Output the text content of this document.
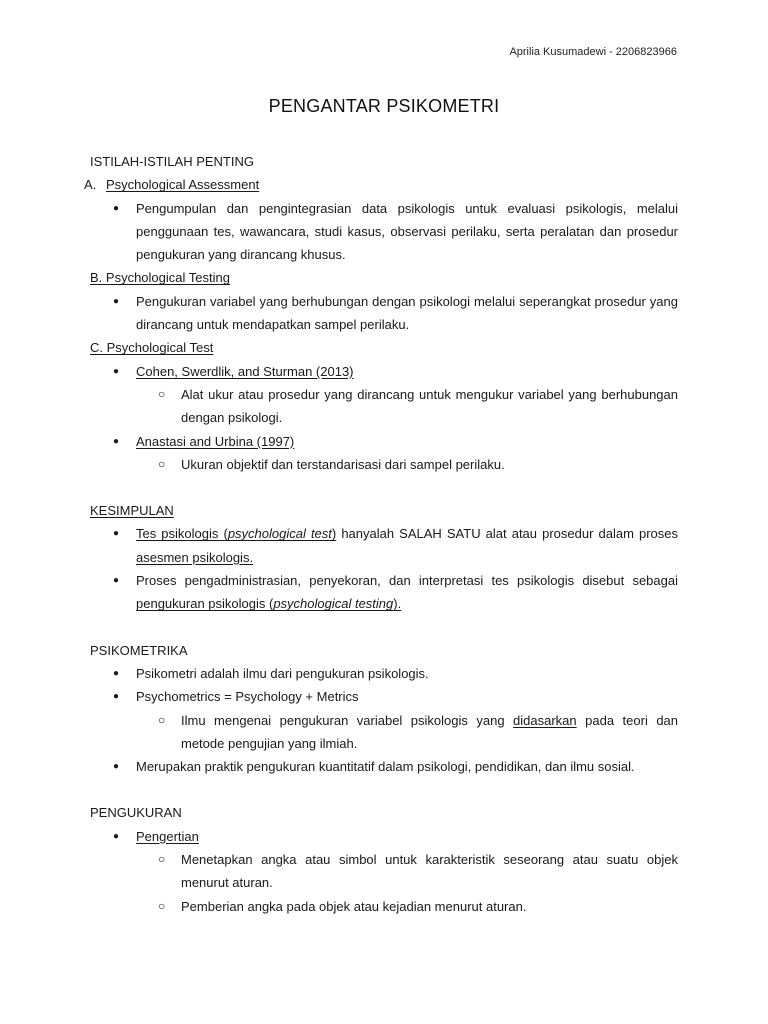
Aprilia Kusumadewi - 2206823966
PENGANTAR PSIKOMETRI
ISTILAH-ISTILAH PENTING
A. Psychological Assessment
● Pengumpulan dan pengintegrasian data psikologis untuk evaluasi psikologis, melalui penggunaan tes, wawancara, studi kasus, observasi perilaku, serta peralatan dan prosedur pengukuran yang dirancang khusus.
B. Psychological Testing
● Pengukuran variabel yang berhubungan dengan psikologi melalui seperangkat prosedur yang dirancang untuk mendapatkan sampel perilaku.
C. Psychological Test
● Cohen, Swerdlik, and Sturman (2013)
○ Alat ukur atau prosedur yang dirancang untuk mengukur variabel yang berhubungan dengan psikologi.
● Anastasi and Urbina (1997)
○ Ukuran objektif dan terstandarisasi dari sampel perilaku.
KESIMPULAN
● Tes psikologis (psychological test) hanyalah SALAH SATU alat atau prosedur dalam proses asesmen psikologis.
● Proses pengadministrasian, penyekoran, dan interpretasi tes psikologis disebut sebagai pengukuran psikologis (psychological testing).
PSIKOMETRIKA
● Psikometri adalah ilmu dari pengukuran psikologis.
● Psychometrics = Psychology + Metrics
○ Ilmu mengenai pengukuran variabel psikologis yang didasarkan pada teori dan metode pengujian yang ilmiah.
● Merupakan praktik pengukuran kuantitatif dalam psikologi, pendidikan, dan ilmu sosial.
PENGUKURAN
● Pengertian
○ Menetapkan angka atau simbol untuk karakteristik seseorang atau suatu objek menurut aturan.
○ Pemberian angka pada objek atau kejadian menurut aturan.
